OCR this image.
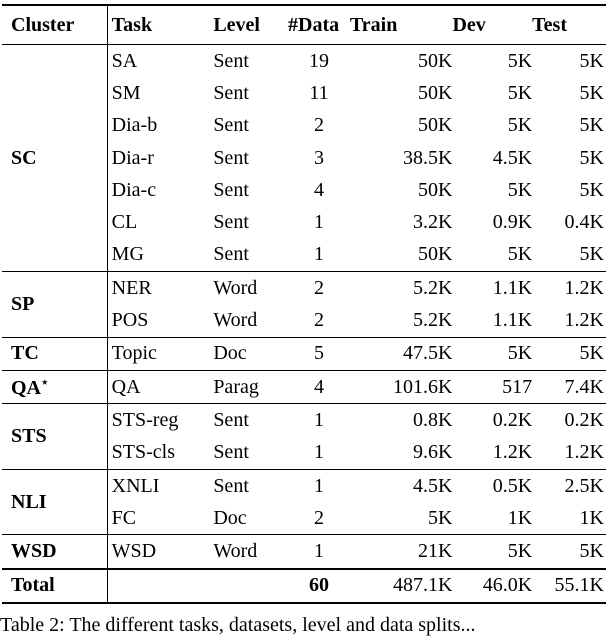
Cluster	Task	Level	#Data	Train	Dev	Test
SC	SA	Sent	19	50K	5K	5K
	SM	Sent	11	50K	5K	5K
	Dia-b	Sent	2	50K	5K	5K
	Dia-r	Sent	3	38.5K	4.5K	5K
	Dia-c	Sent	4	50K	5K	5K
	CL	Sent	1	3.2K	0.9K	0.4K
	MG	Sent	1	50K	5K	5K
SP	NER	Word	2	5.2K	1.1K	1.2K
	POS	Word	2	5.2K	1.1K	1.2K
TC	Topic	Doc	5	47.5K	5K	5K
QA⋆	QA	Parag	4	101.6K	517	7.4K
STS	STS-reg	Sent	1	0.8K	0.2K	0.2K
	STS-cls	Sent	1	9.6K	1.2K	1.2K
NLI	XNLI	Sent	1	4.5K	0.5K	2.5K
	FC	Doc	2	5K	1K	1K
WSD	WSD	Word	1	21K	5K	5K
Total			60	487.1K	46.0K	55.1K
Table 2: The different tasks, datasets, level and data splits...
